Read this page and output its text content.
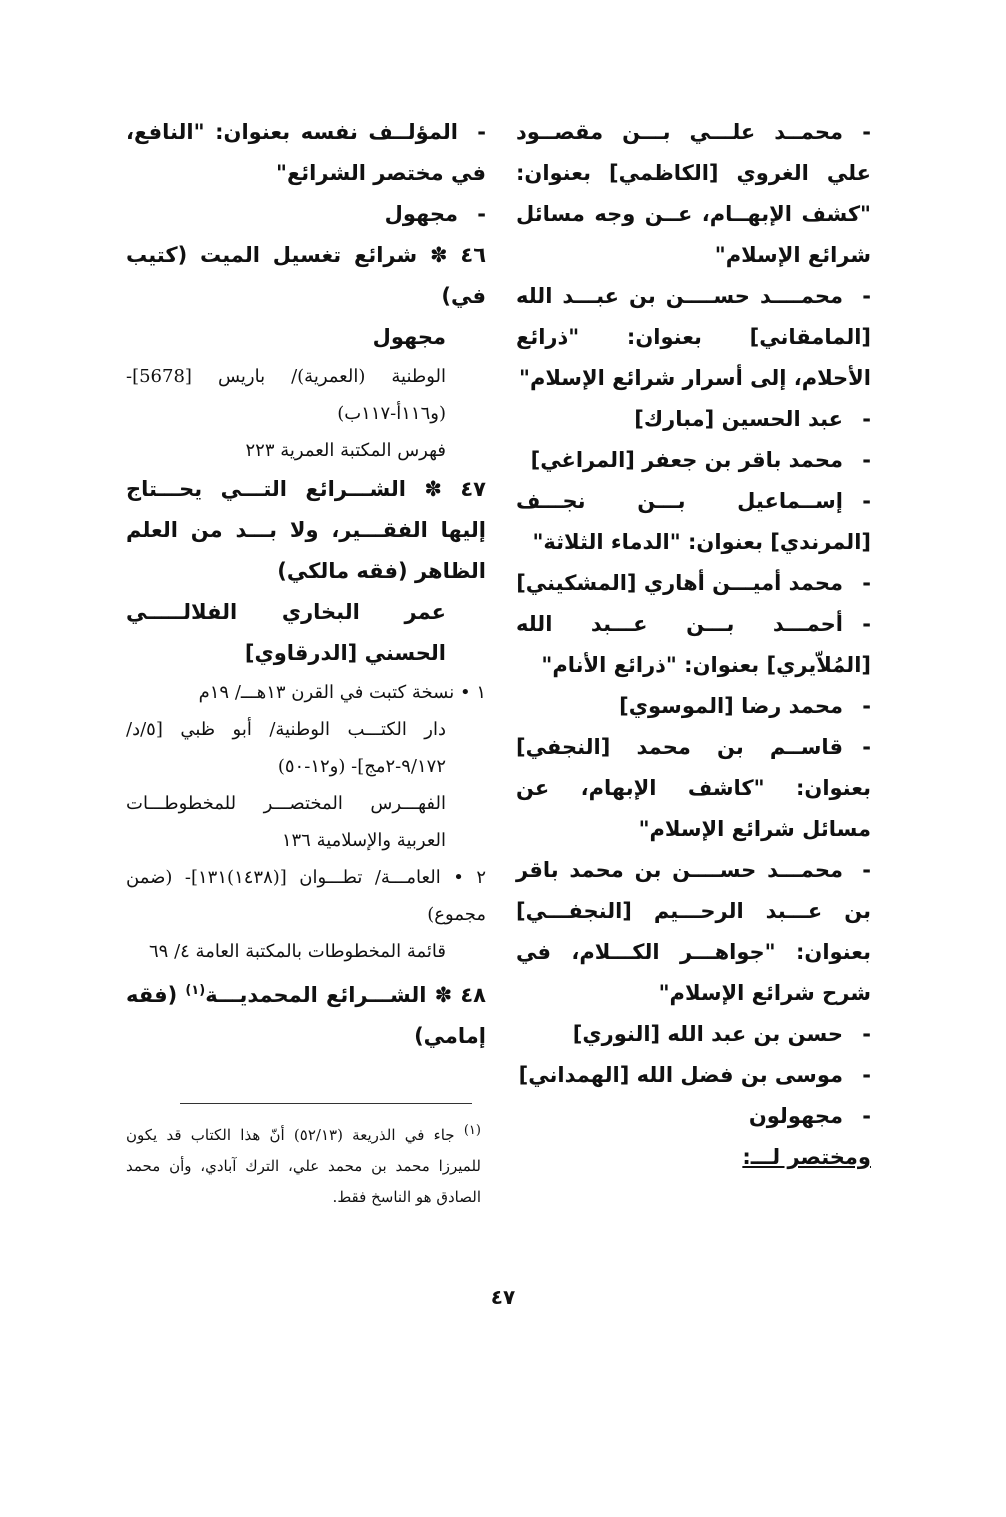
-محمــد علـــي بـــن مقصــود علي الغروي [الكاظمي] بعنوان: "كشف الإبهــام، عــن وجه مسائل شرائع الإسلام"
-محمــــد حســــن بن عبـــد الله [المامقاني] بعنوان: "ذرائع الأحلام، إلى أسرار شرائع الإسلام"
-عبد الحسين [مبارك]
-محمد باقر بن جعفر [المراغي]
-إســماعيل بـــن نجـــف [المرندي] بعنوان: "الدماء الثلاثة"
-محمد أميـــن أهاري [المشكيني]
-أحمـــد بـــن عـــبد الله [المُلاّيري] بعنوان: "ذرائع الأنام"
-محمد رضا [الموسوي]
-قاســم بن محمد [النجفي] بعنوان: "كاشف الإبهام، عن مسائل شرائع الإسلام"
-محمـــد حســــن بن محمد باقر بن عـــبد الرحـــيم [النجفـــي] بعنوان: "جواهـــر الكـــلام، في شرح شرائع الإسلام"
-حسن بن عبد الله [النوري]
-موسى بن فضل الله [الهمداني]
-مجهولون
ومختصر لـــ:
-المؤلــف نفسه بعنوان: "النافع، في مختصر الشرائع"
-مجهول
٤٦ ✽ شرائع تغسيل الميت (كتيب في)
مجهول
الوطنية (العمرية)/ باريس [5678]- (و١١٦أ-١١٧ب)
فهرس المكتبة العمرية ٢٢٣
٤٧ ✽ الشـــرائع التـــي يحـــتاج إليها الفقـــير، ولا بـــد من العلم الظاهر (فقه مالكي)
عمر البخاري الفلالـــــي الحسني [الدرقاوي]
١ • نسخة كتبت في القرن ١٣هـــ/ ١٩م
دار الكتـــب الوطنية/ أبو ظبي [٥/د/ ٩/١٧٢-٢مج]- (و١٢-٥٠)
الفهـــرس المختصـــر للمخطوطـــات العربية والإسلامية ١٣٦
٢ • العامـــة/ تطـــوان [(١٤٣٨)١٣١]- (ضمن مجموع)
قائمة المخطوطات بالمكتبة العامة ٤/ ٦٩
٤٨ ✽ الشـــرائع المحمديـــة$^{(١)}$ (فقه إمامي)
$^{(١)}$ جاء في الذريعة (٥٢/١٣) أنّ هذا الكتاب قد يكون للميرزا محمد بن محمد علي، الترك آبادي، وأن محمد الصادق هو الناسخ فقط.
٤٧
